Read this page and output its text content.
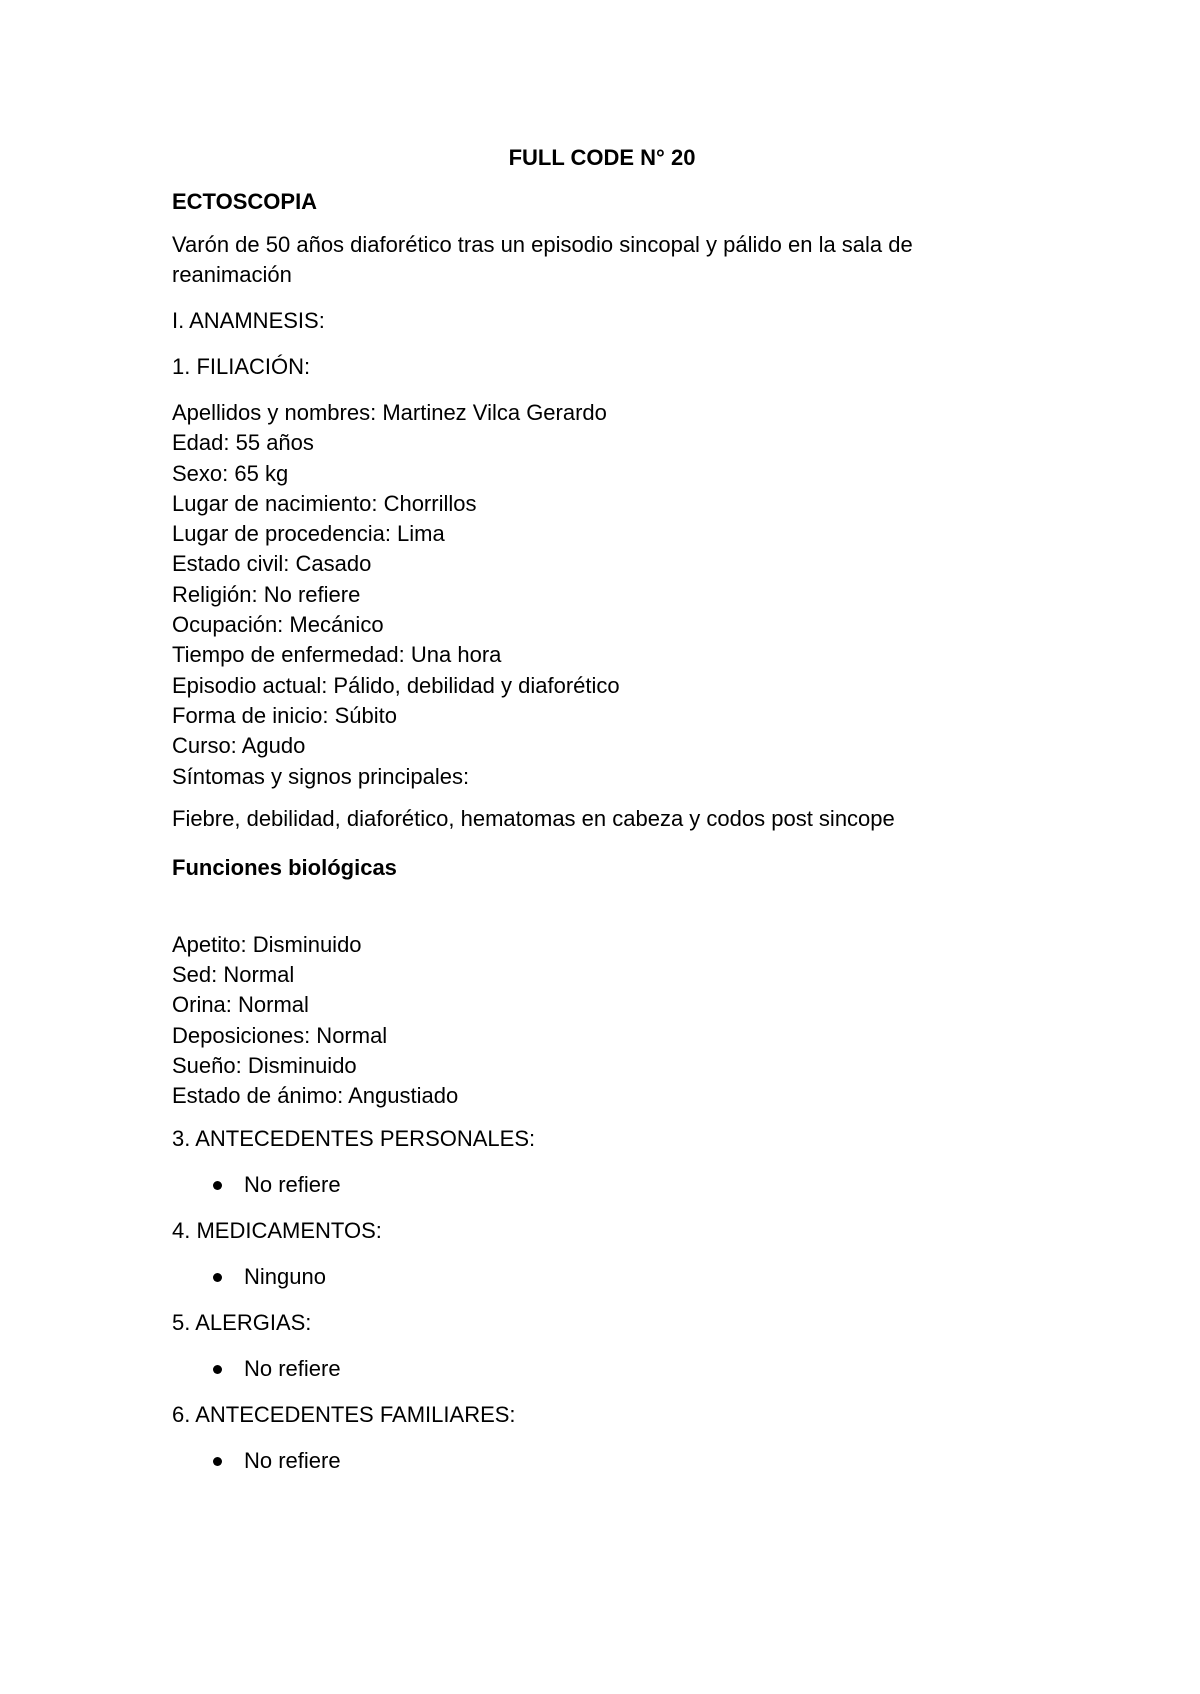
FULL CODE N° 20
ECTOSCOPIA
Varón de 50 años diaforético tras un episodio sincopal y pálido en la sala de reanimación
I. ANAMNESIS:
1. FILIACIÓN:
Apellidos y nombres: Martinez Vilca Gerardo
Edad: 55 años
Sexo: 65 kg
Lugar de nacimiento: Chorrillos
Lugar de procedencia: Lima
Estado civil: Casado
Religión: No refiere
Ocupación: Mecánico
Tiempo de enfermedad: Una hora
Episodio actual: Pálido, debilidad y diaforético
Forma de inicio: Súbito
Curso: Agudo
Síntomas y signos principales:
Fiebre, debilidad, diaforético, hematomas en cabeza y codos post sincope
Funciones biológicas
Apetito: Disminuido
Sed: Normal
Orina: Normal
Deposiciones: Normal
Sueño: Disminuido
Estado de ánimo: Angustiado
3. ANTECEDENTES PERSONALES:
No refiere
4. MEDICAMENTOS:
Ninguno
5. ALERGIAS:
No refiere
6. ANTECEDENTES FAMILIARES:
No refiere
